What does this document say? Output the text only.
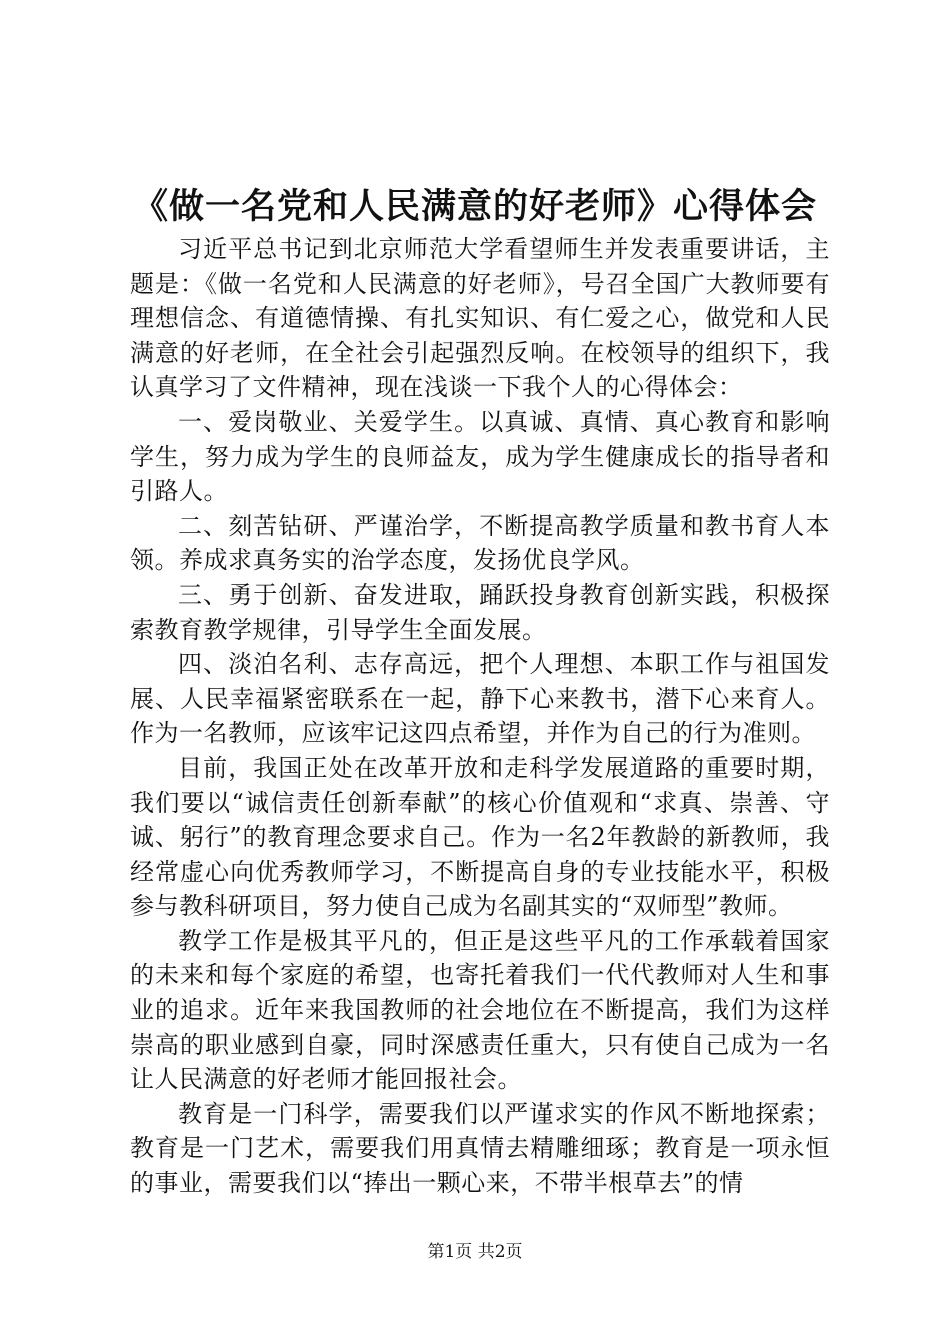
《做一名党和人民满意的好老师》心得体会

习近平总书记到北京师范大学看望师生并发表重要讲话，主题是：《做一名党和人民满意的好老师》，号召全国广大教师要有理想信念、有道德情操、有扎实知识、有仁爱之心，做党和人民满意的好老师，在全社会引起强烈反响。在校领导的组织下，我认真学习了文件精神，现在浅谈一下我个人的心得体会：

一、爱岗敬业、关爱学生。以真诚、真情、真心教育和影响学生，努力成为学生的良师益友，成为学生健康成长的指导者和引路人。

二、刻苦钻研、严谨治学，不断提高教学质量和教书育人本领。养成求真务实的治学态度，发扬优良学风。

三、勇于创新、奋发进取，踊跃投身教育创新实践，积极探索教育教学规律，引导学生全面发展。

四、淡泊名利、志存高远，把个人理想、本职工作与祖国发展、人民幸福紧密联系在一起，静下心来教书，潜下心来育人。作为一名教师，应该牢记这四点希望，并作为自己的行为准则。

目前，我国正处在改革开放和走科学发展道路的重要时期，我们要以“诚信责任创新奉献”的核心价值观和“求真、崇善、守诚、躬行”的教育理念要求自己。作为一名2年教龄的新教师，我经常虚心向优秀教师学习，不断提高自身的专业技能水平，积极参与教科研项目，努力使自己成为名副其实的“双师型”教师。

教学工作是极其平凡的，但正是这些平凡的工作承载着国家的未来和每个家庭的希望，也寄托着我们一代代教师对人生和事业的追求。近年来我国教师的社会地位在不断提高，我们为这样崇高的职业感到自豪，同时深感责任重大，只有使自己成为一名让人民满意的好老师才能回报社会。

教育是一门科学，需要我们以严谨求实的作风不断地探索；教育是一门艺术，需要我们用真情去精雕细琢；教育是一项永恒的事业，需要我们以“捧出一颗心来，不带半根草去”的情

第1页 共2页
